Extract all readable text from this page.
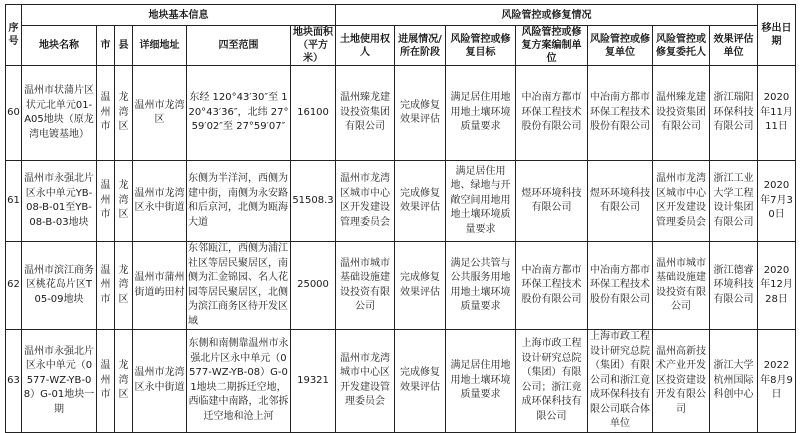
序号	地块基本信息						风险管控或修复情况							移出日期
	地块名称	市	县	详细地址	四至范围	地块面积（平方米）	土地使用权人	进展情况/所在阶段	风险管控或修复目标	风险管控或修复方案编制单位	风险管控或修复单位	风险管控或修复委托人	效果评估单位	
60	温州市状蒲片区状元北单元01-A05地块（原龙湾电镀基地）	温州市	龙湾区	温州市龙湾区	东经 120°43′30″至 120°43′36″，北纬 27°59′02″至 27°59′07″	16100	温州臻龙建设投资集团有限公司	完成修复效果评估	满足居住用地用地土壤环境质量要求	中冶南方都市环保工程技术股份有限公司	中冶南方都市环保工程技术股份有限公司	温州臻龙建设投资集团有限公司	浙江瑞阳环保科技有限公司	2020年11月11日
61	温州市永强北片区永中单元YB-08-B-01至YB-08-B-03地块	温州市	龙湾区	温州市龙湾区永中街道	东侧为半洋河，西侧为建中街，南侧为永安路和后京河，北侧为瓯海大道	51508.3	温州市龙湾区城市中心区开发建设管理委员会	完成修复效果评估	满足居住用地、绿地与开敞空间用地用地土壤环境质量要求	煜环环境科技有限公司	煜环环境科技有限公司	温州市龙湾区城市中心区开发建设管理委员会	浙江工业大学工程设计集团有限公司	2020年7月30日
62	温州市滨江商务区桃花岛片区T05-09地块	温州市	龙湾区	温州市蒲州街道屿田村	东邻瓯江，西侧为浦江社区等居民聚居区，南侧为汇金锦园、名人花园等居民聚居区，北侧为滨江商务区待开发区域	25000	温州市城市基础设施建设投资有限公司	完成修复效果评估	满足公共管与公共服务用地用地土壤环境质量要求	中冶南方都市环保工程技术股份有限公司	中冶南方都市环保工程技术股份有限公司	温州市城市基础设施建设投资有限公司	浙江德睿环境科技有限公司	2020年12月28日
63	温州市永强北片区永中单元（0577-WZ-YB-08）G-01地块一期	温州市	龙湾区	温州市龙湾区永中街道	东侧和南侧靠温州市永强北片区永中单元（0577-WZ-YB-08）G-01地块二期拆迁空地，西临建中南路，北邻拆迁空地和沧上河	19321	温州市龙湾城市中心区开发建设管理委员会	完成修复效果评估	满足居住用地用地土壤环境质量要求	上海市政工程设计研究总院（集团）有限公司；浙江竟成环保科技有限公司	上海市政工程设计研究总院（集团）有限公司和浙江竟成环保科技有限公司联合体单位	温州高新技术产业开发区投资建设开发有限公司	浙江大学杭州国际科创中心	2022年8月9日
